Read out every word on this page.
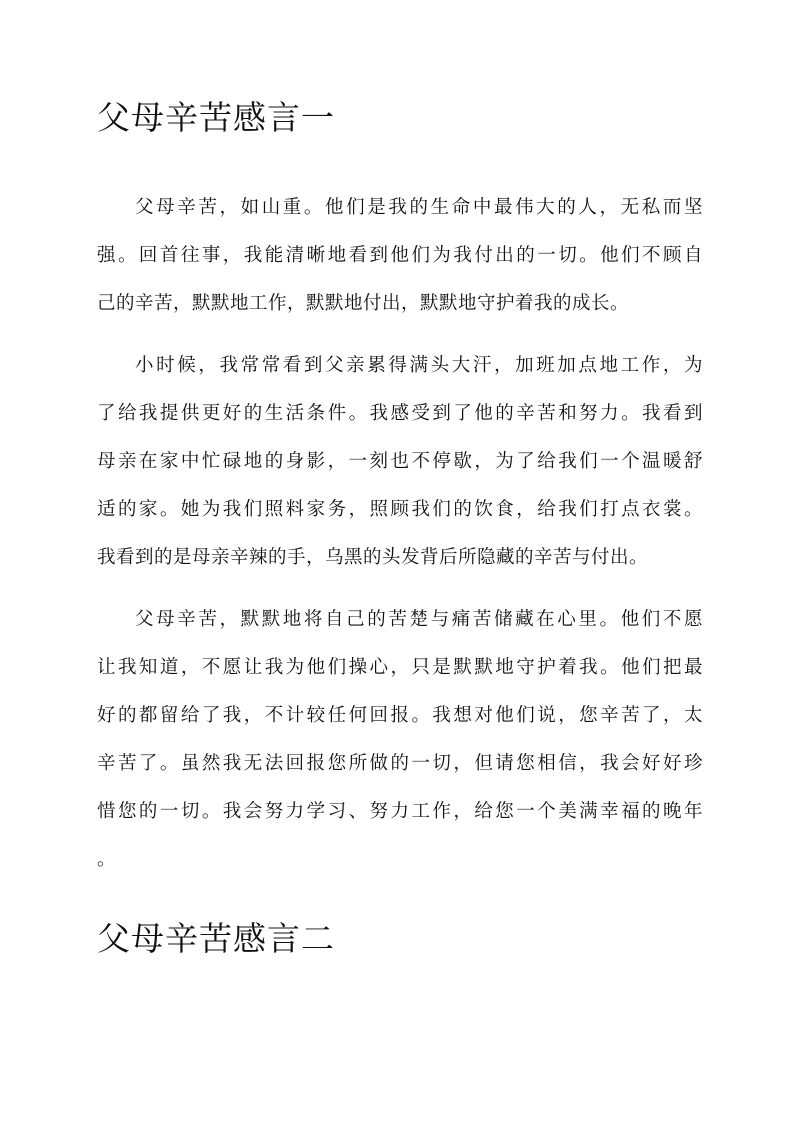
父母辛苦感言一
父母辛苦，如山重。他们是我的生命中最伟大的人，无私而坚
强。回首往事，我能清晰地看到他们为我付出的一切。他们不顾自
己的辛苦，默默地工作，默默地付出，默默地守护着我的成长。
小时候，我常常看到父亲累得满头大汗，加班加点地工作，为
了给我提供更好的生活条件。我感受到了他的辛苦和努力。我看到
母亲在家中忙碌地的身影，一刻也不停歇，为了给我们一个温暖舒
适的家。她为我们照料家务，照顾我们的饮食，给我们打点衣裳。
我看到的是母亲辛辣的手，乌黑的头发背后所隐藏的辛苦与付出。
父母辛苦，默默地将自己的苦楚与痛苦储藏在心里。他们不愿
让我知道，不愿让我为他们操心，只是默默地守护着我。他们把最
好的都留给了我，不计较任何回报。我想对他们说，您辛苦了，太
辛苦了。虽然我无法回报您所做的一切，但请您相信，我会好好珍
惜您的一切。我会努力学习、努力工作，给您一个美满幸福的晚年
。
父母辛苦感言二
